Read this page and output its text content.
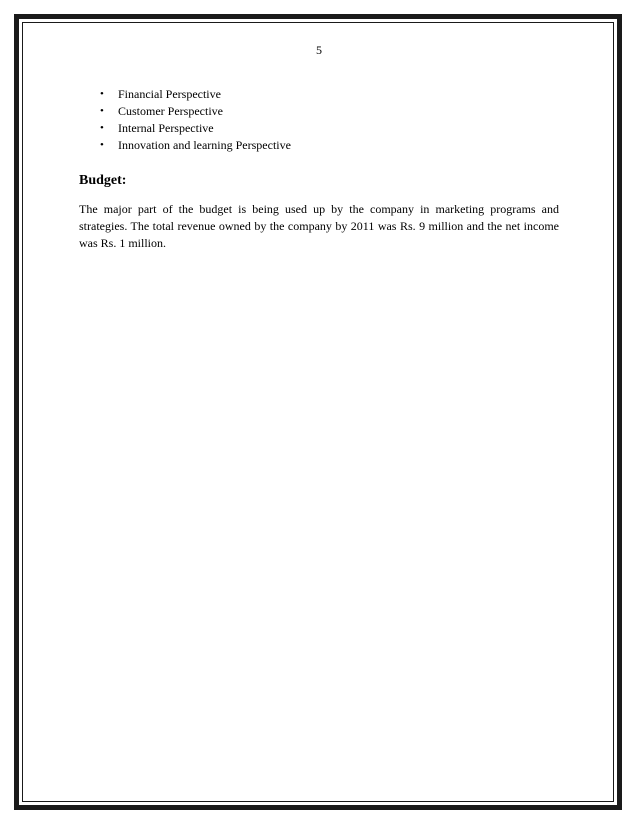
5
• Financial Perspective
• Customer Perspective
• Internal Perspective
• Innovation and learning Perspective
Budget:

The major part of the budget is being used up by the company in marketing programs and strategies. The total revenue owned by the company by 2011 was Rs. 9 million and the net income was Rs. 1 million.
